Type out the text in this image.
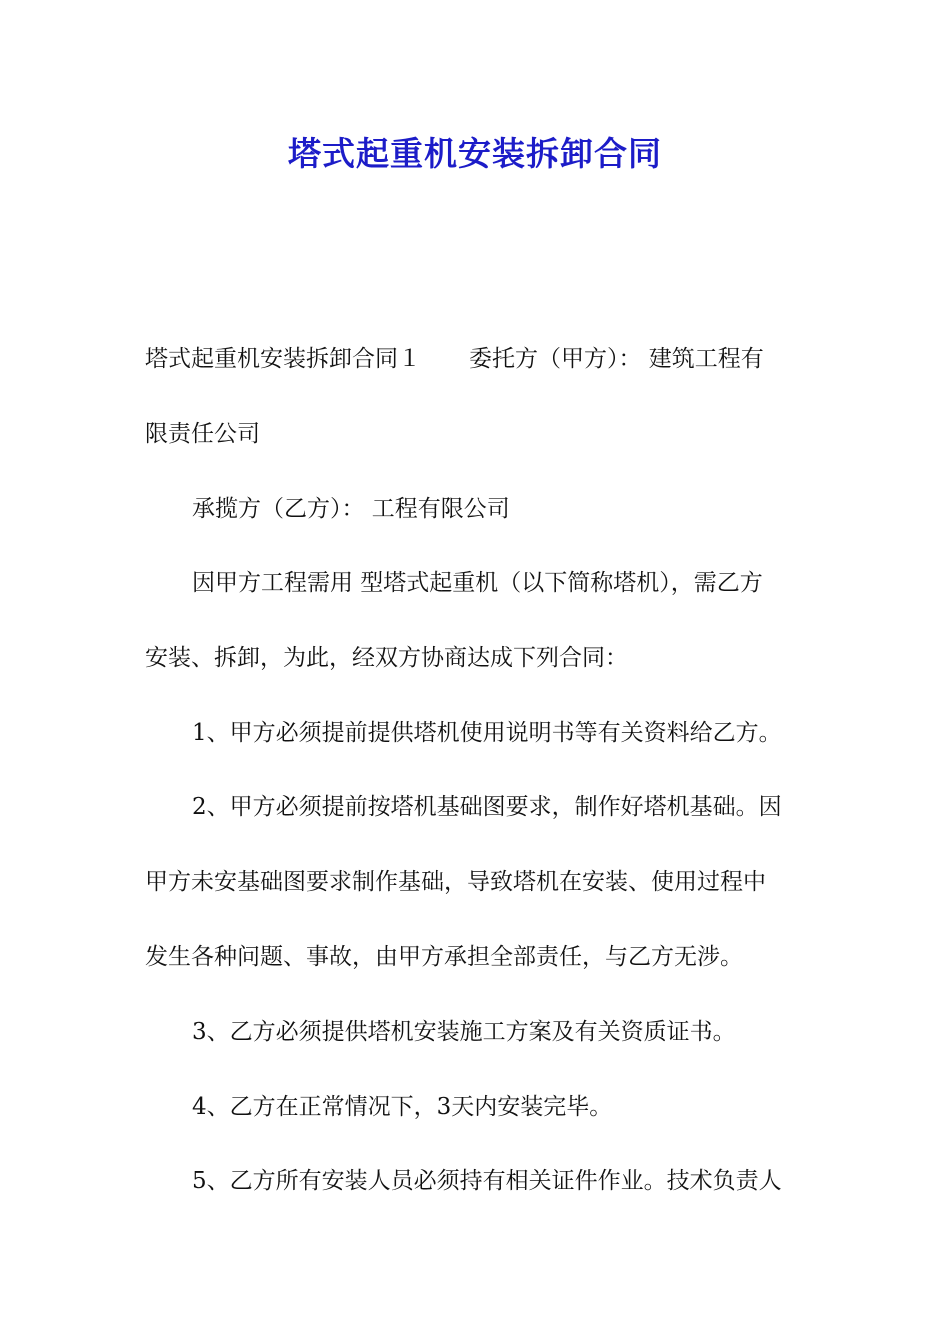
塔式起重机安装拆卸合同

塔式起重机安装拆卸合同１ 委托方（甲方）： 建筑工程有

限责任公司

承揽方（乙方）： 工程有限公司

因甲方工程需用 型塔式起重机（以下简称塔机），需乙方

安装、拆卸，为此，经双方协商达成下列合同：

1、甲方必须提前提供塔机使用说明书等有关资料给乙方。

2、甲方必须提前按塔机基础图要求，制作好塔机基础。因

甲方未安基础图要求制作基础，导致塔机在安装、使用过程中

发生各种问题、事故，由甲方承担全部责任，与乙方无涉。

3、乙方必须提供塔机安装施工方案及有关资质证书。

4、乙方在正常情况下，3天内安装完毕。

5、乙方所有安装人员必须持有相关证件作业。技术负责人
